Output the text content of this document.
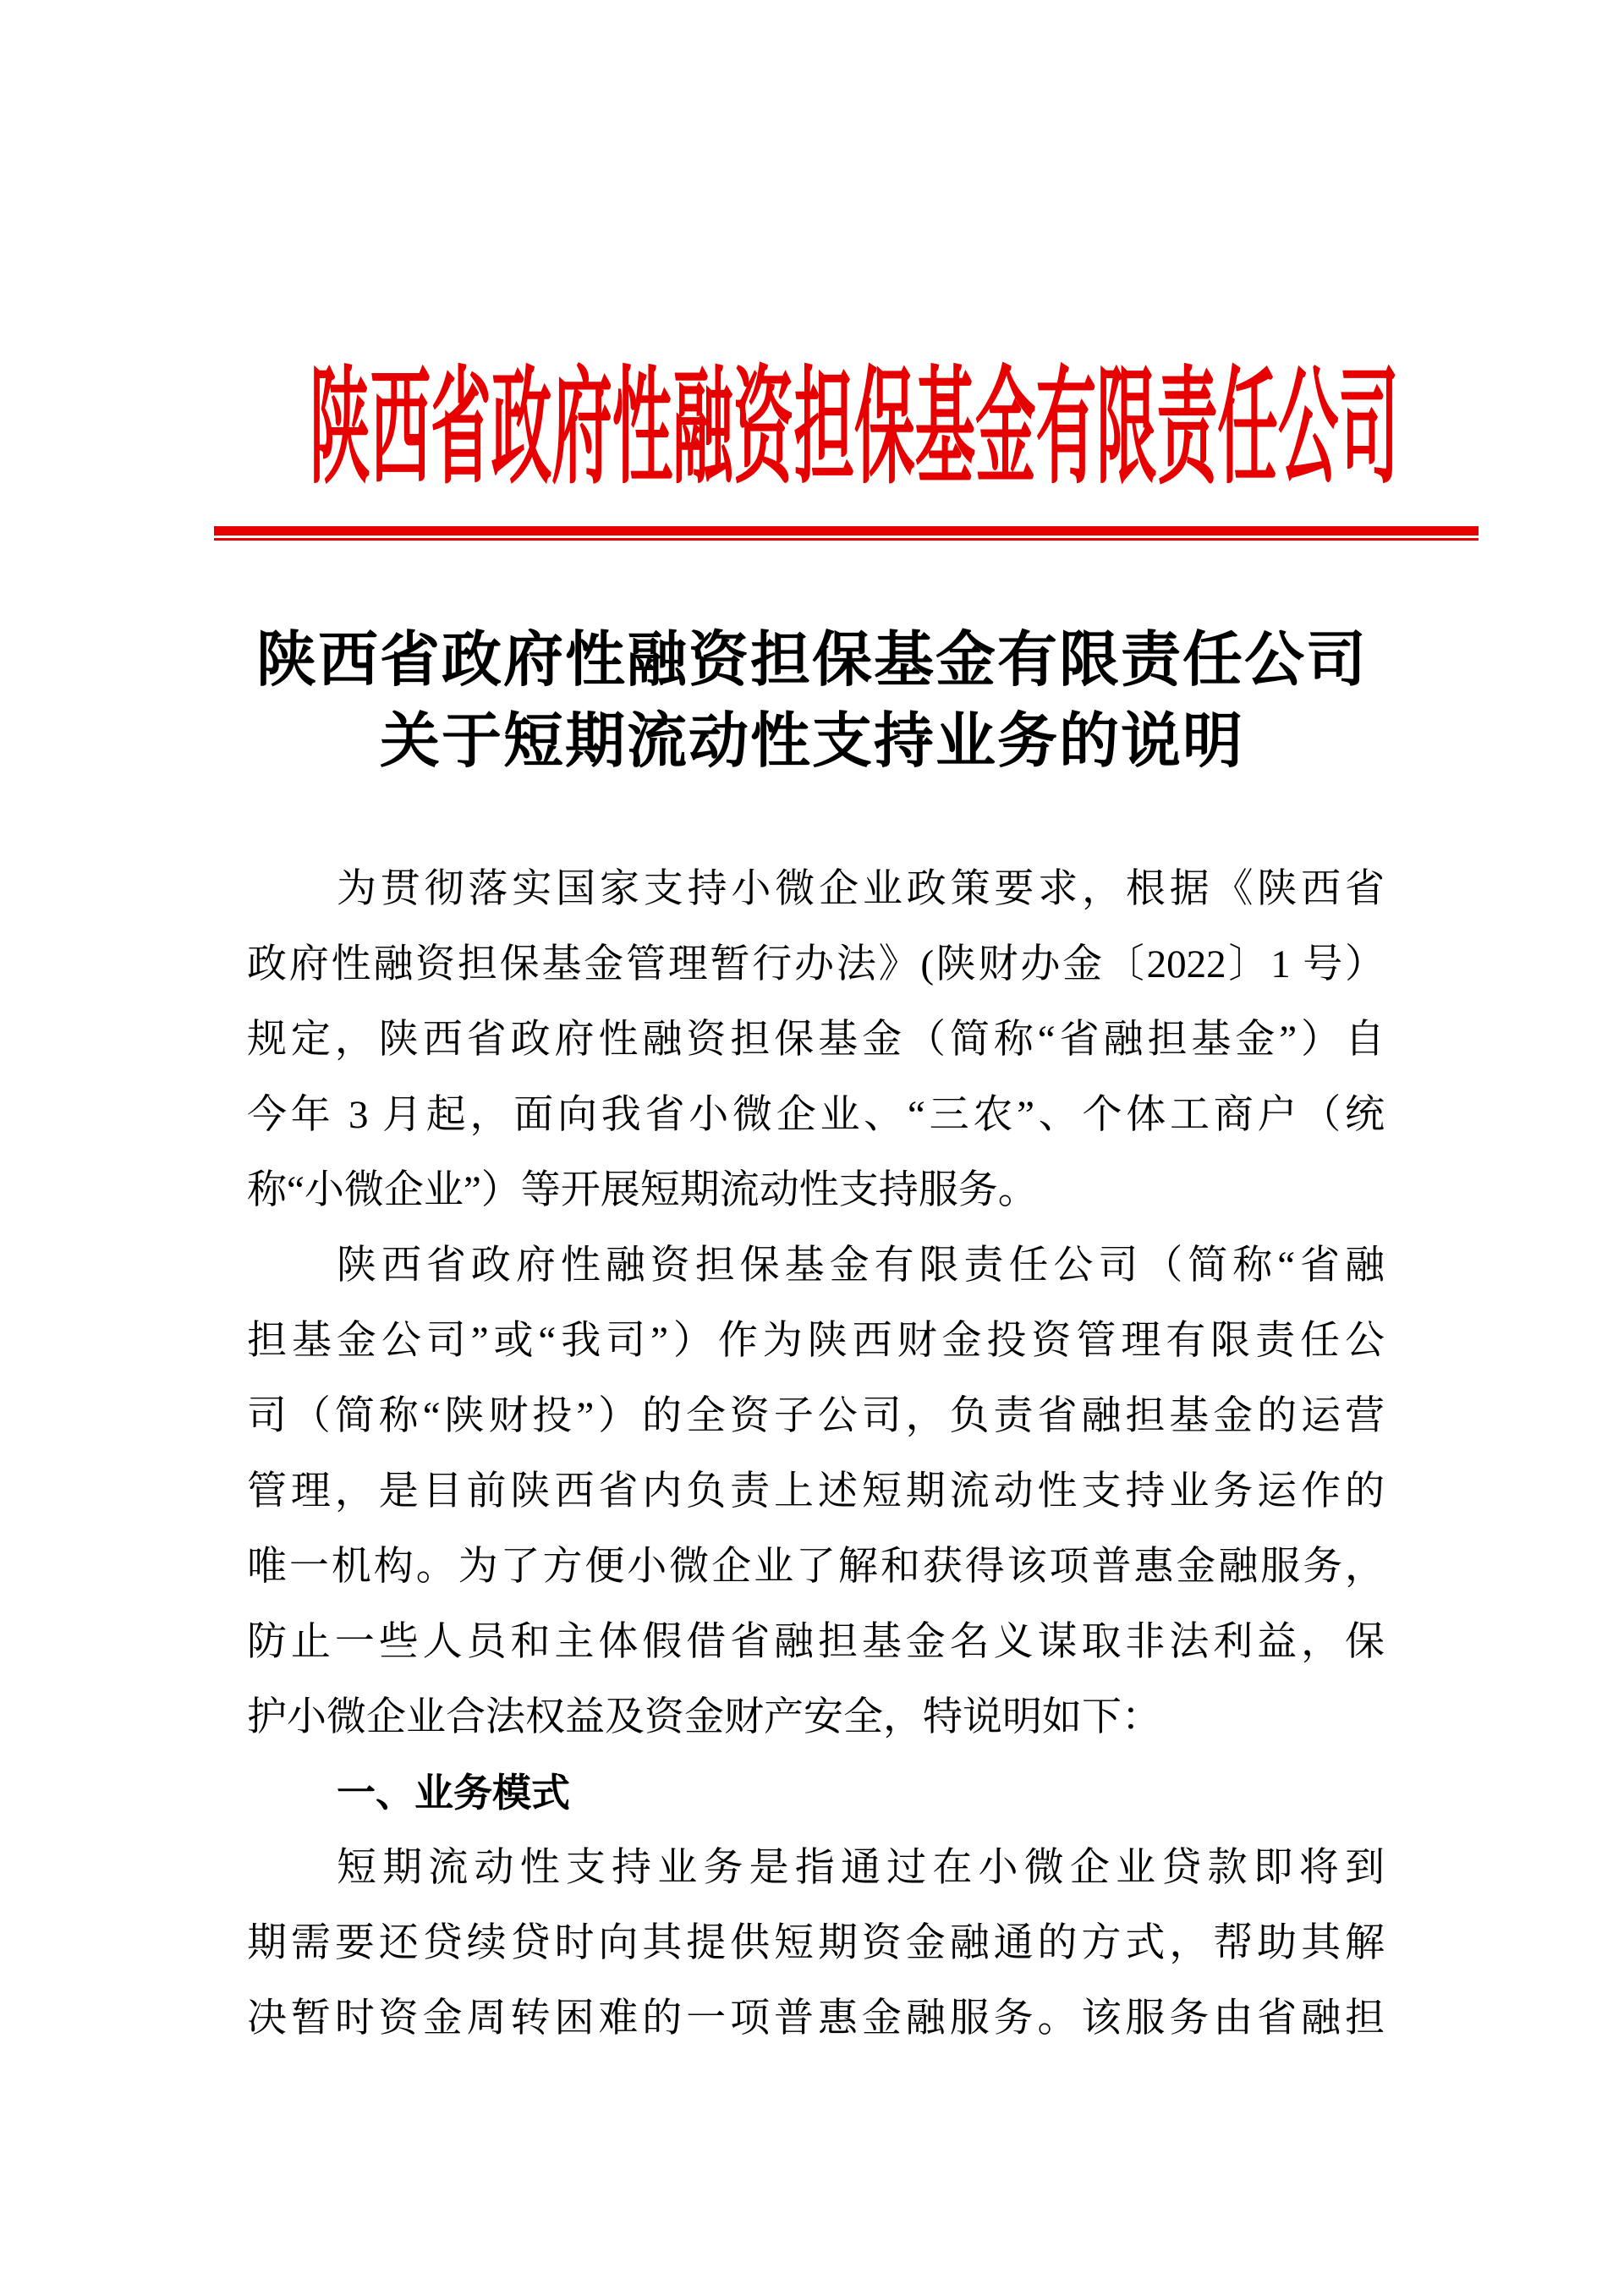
陕西省政府性融资担保基金有限责任公司
陕西省政府性融资担保基金有限责任公司
关于短期流动性支持业务的说明
为贯彻落实国家支持小微企业政策要求，根据《陕西省
政府性融资担保基金管理暂行办法》(陕财办金〔2022〕1 号）
规定，陕西省政府性融资担保基金（简称“省融担基金”）自
今年 3 月起，面向我省小微企业、“三农”、个体工商户（统
称“小微企业”）等开展短期流动性支持服务。
陕西省政府性融资担保基金有限责任公司（简称“省融
担基金公司”或“我司”）作为陕西财金投资管理有限责任公
司（简称“陕财投”）的全资子公司，负责省融担基金的运营
管理，是目前陕西省内负责上述短期流动性支持业务运作的
唯一机构。为了方便小微企业了解和获得该项普惠金融服务，
防止一些人员和主体假借省融担基金名义谋取非法利益，保
护小微企业合法权益及资金财产安全，特说明如下：
一、业务模式
短期流动性支持业务是指通过在小微企业贷款即将到
期需要还贷续贷时向其提供短期资金融通的方式，帮助其解
决暂时资金周转困难的一项普惠金融服务。该服务由省融担
